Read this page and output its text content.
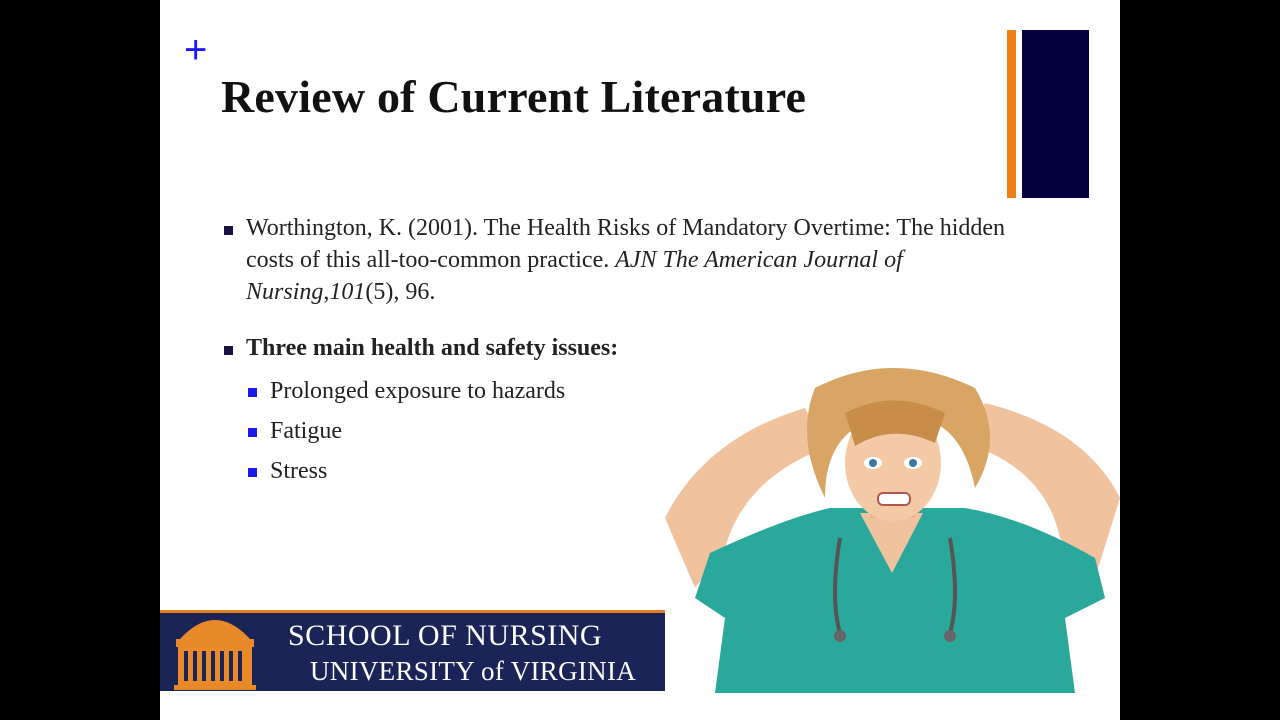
+
Review of Current Literature
Worthington, K. (2001). The Health Risks of Mandatory Overtime: The hidden costs of this all-too-common practice. AJN The American Journal of Nursing,101(5), 96.
Three main health and safety issues:
Prolonged exposure to hazards
Fatigue
Stress
SCHOOL OF NURSING
UNIVERSITY of VIRGINIA
